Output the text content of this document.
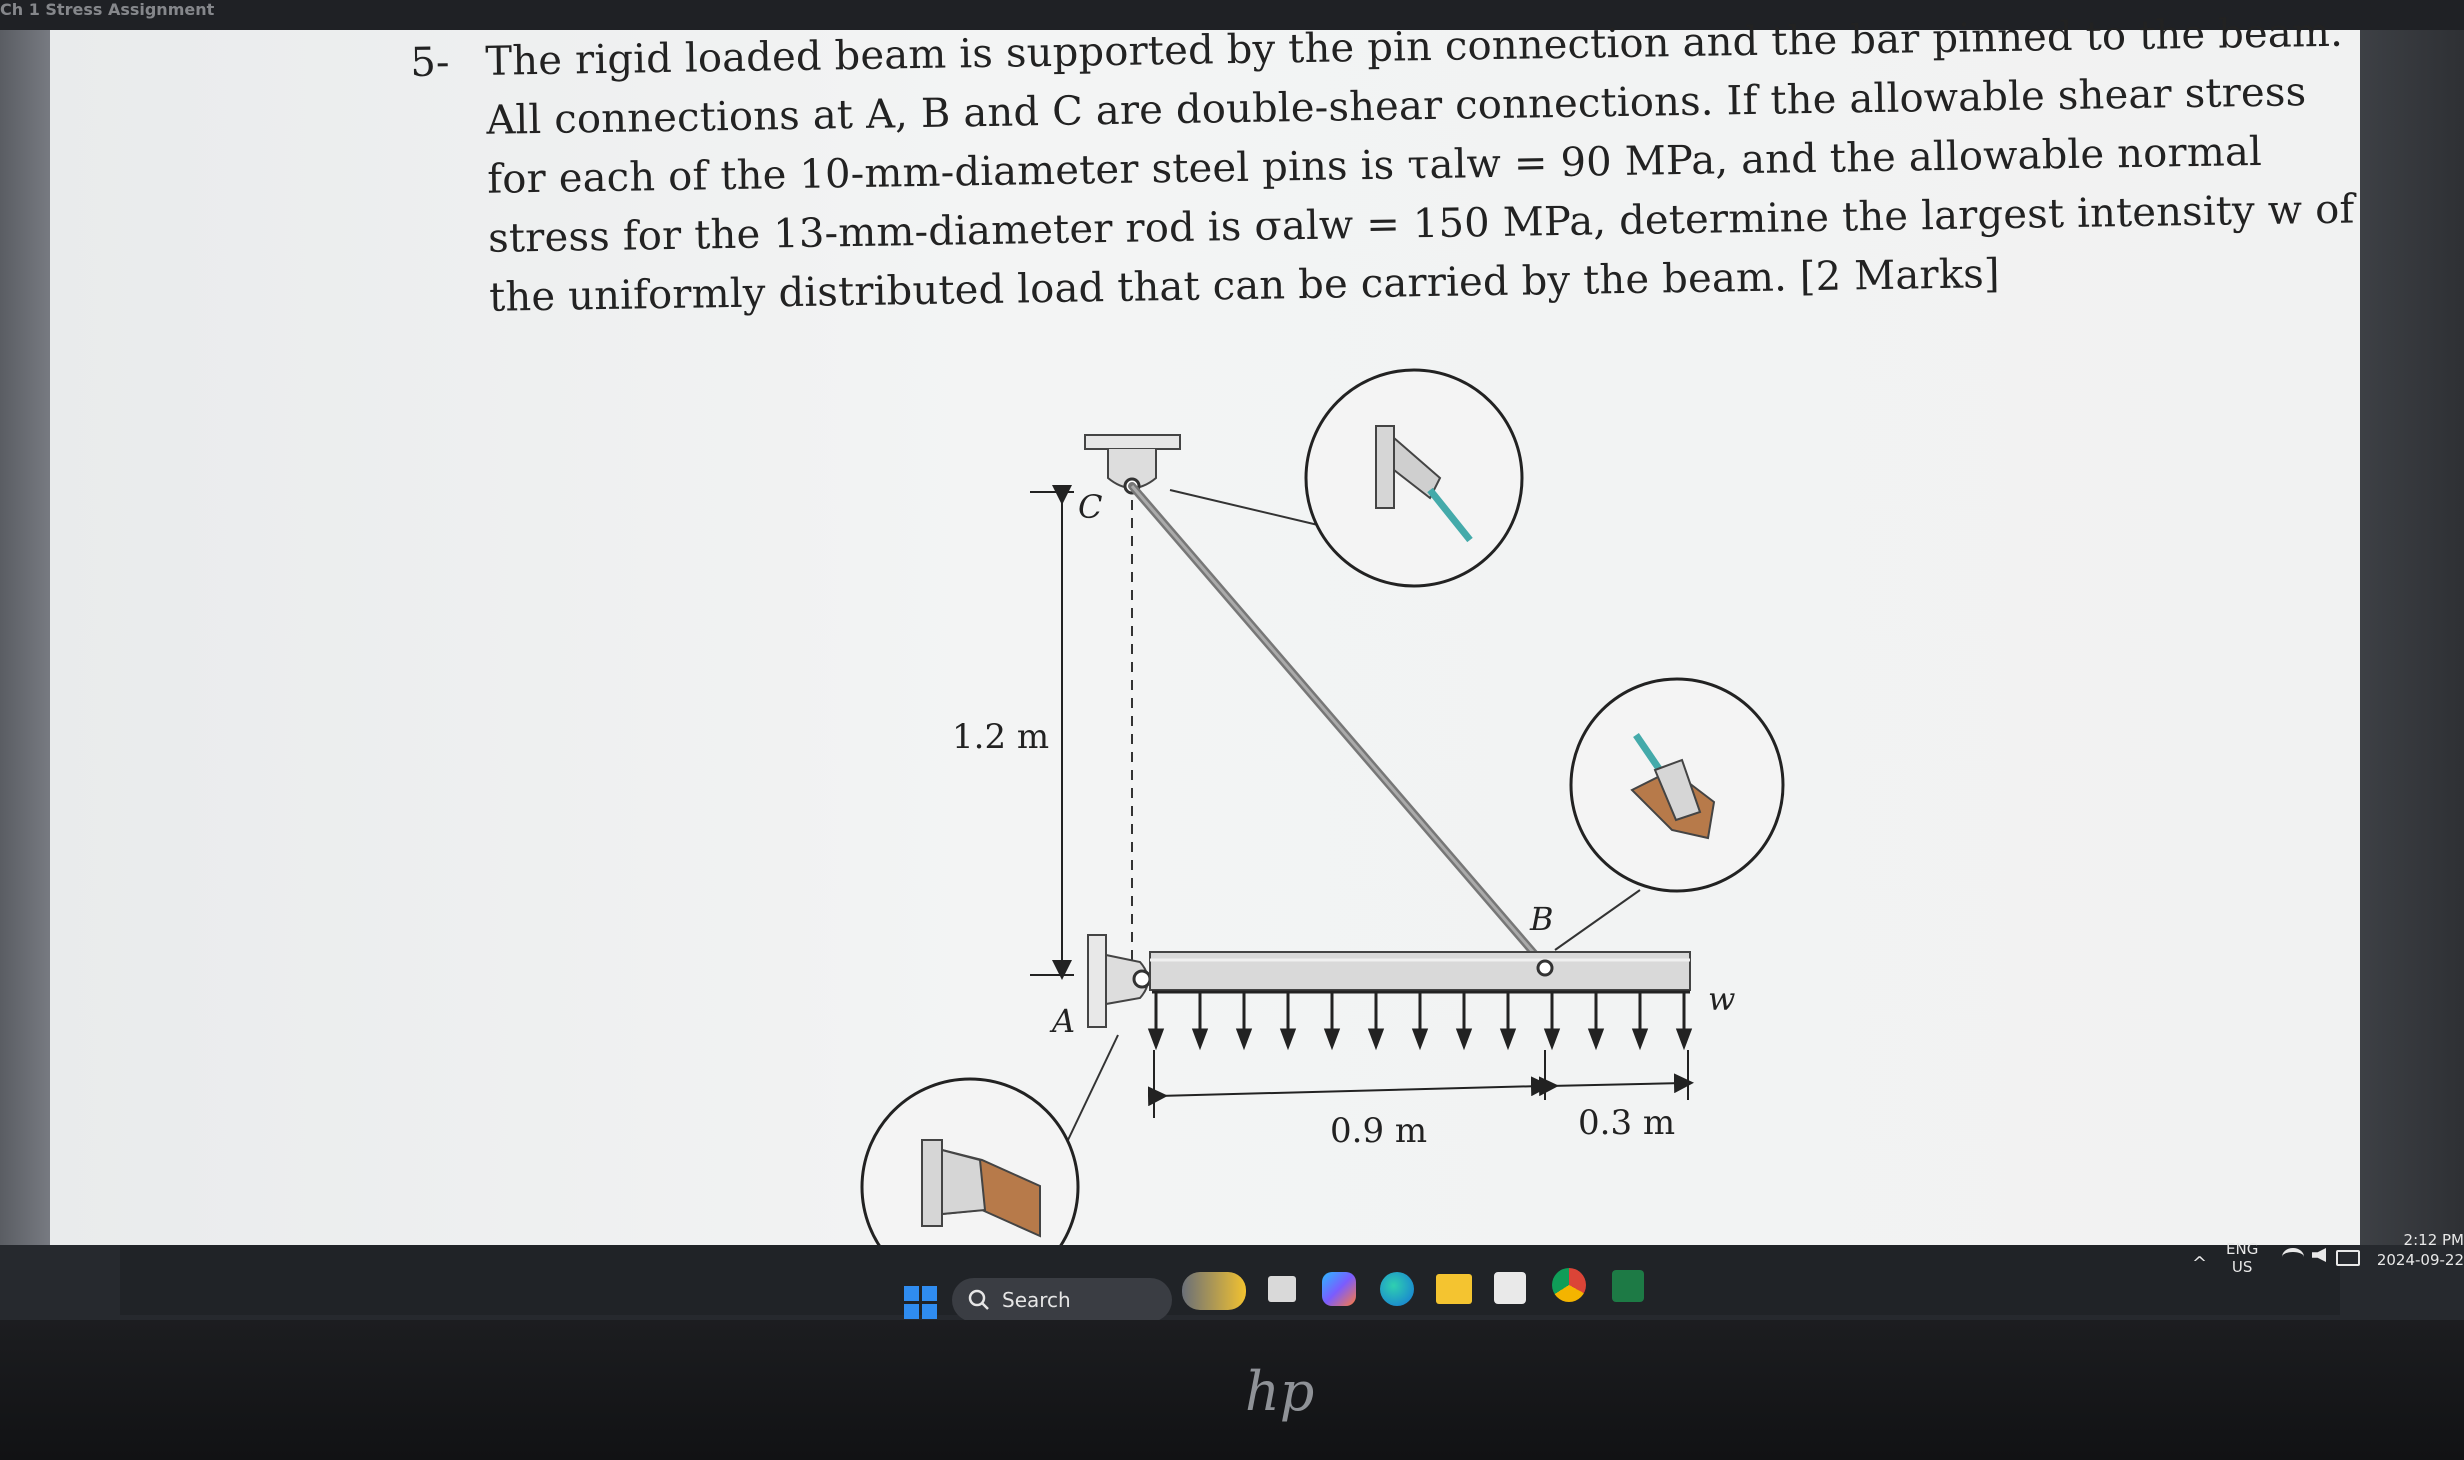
Ch 1 Stress Assignment
5- The rigid loaded beam is supported by the pin connection and the bar pinned to the beam.
All connections at A, B and C are double-shear connections. If the allowable shear stress
for each of the 10-mm-diameter steel pins is τalw = 90 MPa, and the allowable normal
stress for the 13-mm-diameter rod is σalw = 150 MPa, determine the largest intensity w of
the uniformly distributed load that can be carried by the beam. [2 Marks]
1.2 m
C
A
B
w
0.9 m	0.3 m
Search
^
ENG
US
2:12 PM
2024-09-22
hp
